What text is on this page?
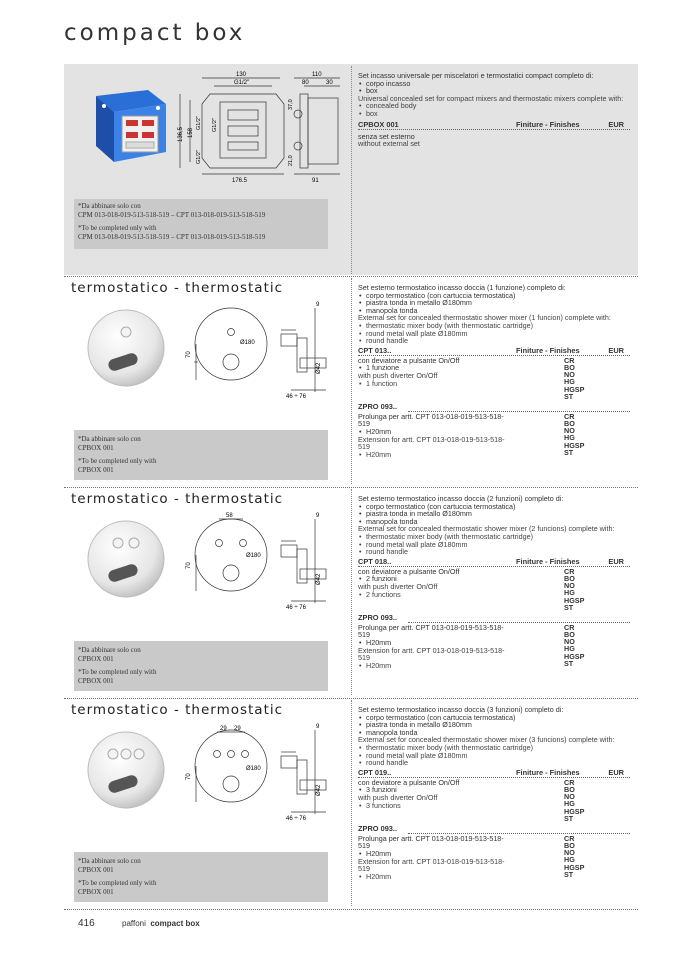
compact box
130
G1/2"
110
80	30
176,5	91
136,5 158
G1/2" G1/2"
G1/2"
37,0
21,0

*Da abbinare solo con
CPM 013-018-019-513-518-519 – CPT 013-018-019-513-518-519

*To be completed only with
CPM 013-018-019-513-518-519 – CPT 013-018-019-513-518-519

Set incasso universale per miscelatori e termostatici compact completo di:
• corpo incasso
• box
Universal concealed set for compact mixers and thermostatic mixers complete with:
• concealed body
• box
CPBOX 001	Finiture - Finishes	EUR
senza set esterno
without external set
termostatico - thermostatic
9
70
Ø180
Ø42
46 ÷ 76

*Da abbinare solo con
CPBOX 001

*To be completed only with
CPBOX 001

Set esterno termostatico incasso doccia (1 funzione) completo di:
• corpo termostatico (con cartuccia termostatica)
• piastra tonda in metallo Ø180mm
• manopola tonda
External set for concealed thermostatic shower mixer (1 funcion) complete with:
• thermostatic mixer body (with thermostatic cartridge)
• round metal wall plate Ø180mm
• round handle
CPT 013..	Finiture - Finishes	EUR
con deviatore a pulsante On/Off
• 1 funzione
with push diverter On/Off
• 1 function
CR
BO
NO
HG
HGSP
ST
ZPRO 093..
Prolunga per artt. CPT 013-018-019-513-518-519
• H20mm
Extension for artt. CPT 013-018-019-513-518-519
• H20mm
CR
BO
NO
HG
HGSP
ST
termostatico - thermostatic
58	9
70
Ø180
Ø42
46 ÷ 76

*Da abbinare solo con
CPBOX 001

*To be completed only with
CPBOX 001

Set esterno termostatico incasso doccia (2 funzioni) completo di:
• corpo termostatico (con cartuccia termostatica)
• piastra tonda in metallo Ø180mm
• manopola tonda
External set for concealed thermostatic shower mixer (2 funcions) complete with:
• thermostatic mixer body (with thermostatic cartridge)
• round metal wall plate Ø180mm
• round handle
CPT 018..	Finiture - Finishes	EUR
con deviatore a pulsante On/Off
• 2 funzioni
with push diverter On/Off
• 2 functions
CR
BO
NO
HG
HGSP
ST
ZPRO 093..
Prolunga per artt. CPT 013-018-019-513-518-519
• H20mm
Extension for artt. CPT 013-018-019-513-518-519
• H20mm
CR
BO
NO
HG
HGSP
ST
termostatico - thermostatic
29 29	9
70
Ø180
Ø42
46 ÷ 76

*Da abbinare solo con
CPBOX 001

*To be completed only with
CPBOX 001

Set esterno termostatico incasso doccia (3 funzioni) completo di:
• corpo termostatico (con cartuccia termostatica)
• piastra tonda in metallo Ø180mm
• manopola tonda
External set for concealed thermostatic shower mixer (3 funcions) complete with:
• thermostatic mixer body (with thermostatic cartridge)
• round metal wall plate Ø180mm
• round handle
CPT 019..	Finiture - Finishes	EUR
con deviatore a pulsante On/Off
• 3 funzioni
with push diverter On/Off
• 3 functions
CR
BO
NO
HG
HGSP
ST
ZPRO 093..
Prolunga per artt. CPT 013-018-019-513-518-519
• H20mm
Extension for artt. CPT 013-018-019-513-518-519
• H20mm
CR
BO
NO
HG
HGSP
ST
416	paffoni compact box
